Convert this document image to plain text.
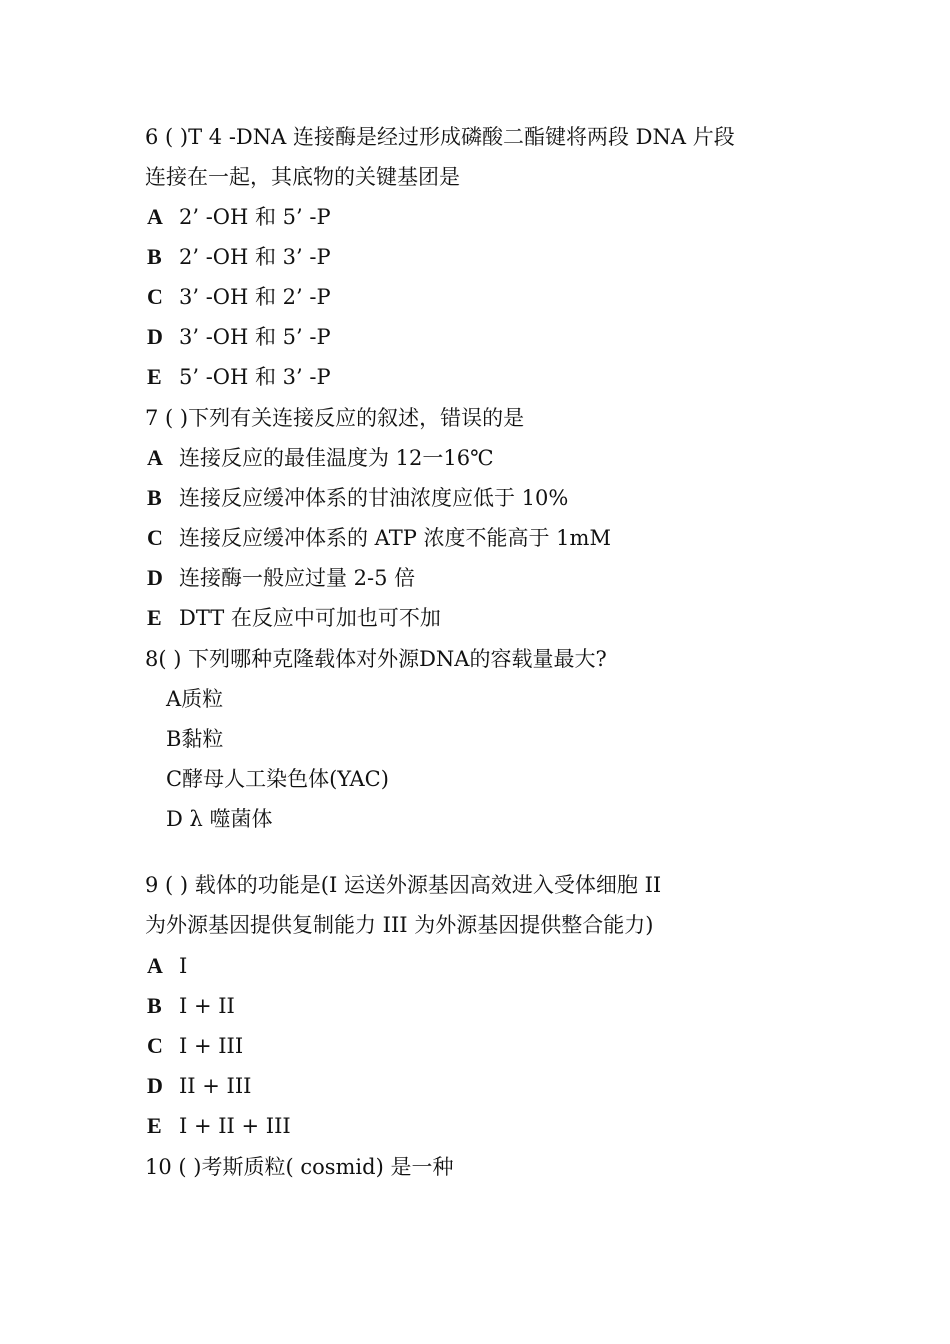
6 ( )T 4 -DNA 连接酶是经过形成磷酸二酯键将两段 DNA 片段
连接在一起，其底物的关键基团是
A 2’ -OH 和 5’ -P
B 2’ -OH 和 3’ -P
C 3’ -OH 和 2’ -P
D 3’ -OH 和 5’ -P
E 5’ -OH 和 3’ -P
7 ( )下列有关连接反应的叙述，错误的是
A 连接反应的最佳温度为 12一16℃
B 连接反应缓冲体系的甘油浓度应低于 10%
C 连接反应缓冲体系的 ATP 浓度不能高于 1mM
D 连接酶一般应过量 2-5 倍
E DTT 在反应中可加也可不加
8( ) 下列哪种克隆载体对外源DNA的容载量最大?
A质粒
B黏粒
C酵母人工染色体(YAC)
D λ 噬菌体
9 ( ) 载体的功能是(I 运送外源基因高效进入受体细胞 II
为外源基因提供复制能力 III 为外源基因提供整合能力)
A I
B I + II
C I + III
D II + III
E I + II + III
10 ( )考斯质粒( cosmid) 是一种
